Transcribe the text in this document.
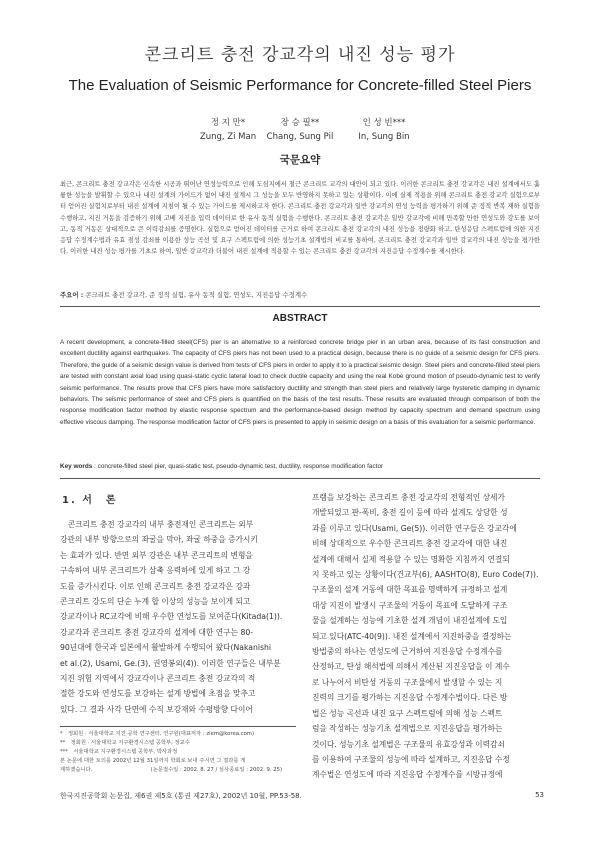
콘크리트 충전 강교각의 내진 성능 평가
The Evaluation of Seismic Performance for Concrete-filled Steel Piers
정 지 만*
Zung, Zi Man
장 승 필**
Chang, Sung Pil
인 성 빈***
In, Sung Bin
국문요약
최근, 콘크리트 충전 강교각은 신속한 시공과 뛰어난 연성능력으로 인해 도심지에서 철근 콘크리트 교각의 대안이 되고 있다. 이러한 콘크리트 충전 강교각은 내진 설계에서도 훌륭한 성능을 발휘할 수 있으나 내진 설계의 가이드가 없어 내진 설계시 그 성능을 모두 반영하지 못하고 있는 상황이다. 이에 실제 적용을 위해 콘크리트 충전 강교각 실험으로부터 얻어진 실험치로부터 내진 설계에 지침이 될 수 있는 가이드를 제시하고자 한다. 콘크리트 충전 강교각과 일반 강교각의 연성 능력을 평가하기 위해 준 정적 반복 재하 실험을 수행하고, 지진 거동을 검증하기 위해 고베 지진을 입력 데이터로 한 유사 동적 실험을 수행한다. 콘크리트 충전 강교각은 일반 강교각에 비해 만족할 만한 연성도와 강도를 보이고, 동적 거동은 상대적으로 큰 이력감쇠를 증명한다. 실험으로 얻어진 데이터를 근거로 하여 콘크리트 충전 강교각의 내진 성능을 정량화 하고, 탄성응답 스펙트럼에 의한 지진응답 수정계수법과 유효 점성 감쇠를 이용한 성능 곡선 및 요구 스펙트럼에 의한 성능기초 설계법의 비교를 통하여, 콘크리트 충전 강교각과 일반 강교각의 내진 성능을 평가한다. 이러한 내진 성능 평가를 기초로 하여, 일반 강교각과 더불어 내진 설계에 적용할 수 있는 콘크리트 충전 강교각의 지진응답 수정계수를 제시한다.
주요어 : 콘크리트 충전 강교각, 준 정적 실험, 유사 동적 실험, 연성도, 지진응답 수정계수
ABSTRACT
A recent development, a concrete-filled steel(CFS) pier is an alternative to a reinforced concrete bridge pier in an urban area, because of its fast construction and excellent ductility against earthquakes. The capacity of CFS piers has not been used to a practical design, because there is no guide of a seismic design for CFS piers. Therefore, the guide of a seismic design value is derived from tests of CFS piers in order to apply it to a practical seismic design. Steel piers and concrete-filled steel piers are tested with constant axial load using quasi-static cyclic lateral load to check ductile capacity and using the real Kobe ground motion of pseudo-dynamic test to verify seismic performance. The results prove that CFS piers have more satisfactory ductility and strength than steel piers and relatively large hysteretic damping in dynamic behaviors. The seismic performance of steel and CFS piers is quantified on the basis of the test results. These results are evaluated through comparison of both the response modification factor method by elastic response spectrum and the performance-based design method by capacity spectrum and demand spectrum using effective viscous damping. The response modification factor of CFS piers is presented to apply in seismic design on a basis of this evaluation for a seismic performance.
Key words : concrete-filled steel pier, quasi-static test, pseudo-dynamic test, ductility, response modification factor
1. 서　론
　콘크리트 충전 강교각의 내부 충전재인 콘크리트는 외부
강관의 내부 방향으로의 좌굴을 막아, 좌굴 하중을 증가시키
는 효과가 있다. 반면 외부 강관은 내부 콘크리트의 변형을
구속하여 내부 콘크리트가 삼축 응력하에 있게 하고 그 강
도를 증가시킨다. 이로 인해 콘크리트 충전 강교각은 강과
콘크리트 강도의 단순 누계 합 이상의 성능을 보이게 되고
강교각이나 RC교각에 비해 우수한 연성도를 보여준다(Kitada(1)).
강교각과 콘크리트 충전 강교각의 설계에 대한 연구는 80-
90년대에 한국과 일본에서 활발하게 수행되어 왔다(Nakanishi
et al.(2), Usami, Ge.(3), 권영봉외(4)). 이러한 연구들은 내부분
지진 위험 지역에서 강교각이나 콘크리트 충전 강교각의 적
절한 강도와 연성도를 보강하는 설계 방법에 초점을 맞추고
있다. 그 결과 사각 단면에 수직 보강재와 수평방향 다이어
프램을 보강하는 콘크리트 충전 강교각의 전형적인 상세가
개발되었고 판-폭비, 충전 길이 등에 따라 설계도 상당한 성
과를 이루고 있다(Usami, Ge(5)). 이러한 연구들은 강교각에
비해 상대적으로 우수한 콘크리트 충전 강교각에 대한 내진
설계에 대해서 실제 적용할 수 있는 명확한 지침까지 연결되
지 못하고 있는 상황이다(건교부(6), AASHTO(8), Euro Code(7)).
구조물의 설계 거동에 대한 목표를 명백하게 규정하고 설계
대상 지진이 발생시 구조물의 거동이 목표에 도달하게 구조
물을 설계하는 성능에 기초한 설계 개념이 내진설계에 도입
되고 있다(ATC-40(9)). 내진 설계에서 지진하중을 결정하는
방법중의 하나는 연성도에 근거하여 지진응답 수정계수를
산정하고, 탄성 해석법에 의해서 계산된 지진응답을 이 계수
로 나누어서 비탄성 거동의 구조물에서 발생할 수 있는 지
진력의 크기를 평가하는 지진응답 수정계수법이다. 다른 방
법은 성능 곡선과 내진 요구 스펙트럼에 의해 성능 스펙트
럼을 작성하는 성능기초 설계법으로 지진응답을 평가하는
것이다. 성능기초 설계법은 구조물의 유효강성과 이력감쇠
를 이용하여 구조물의 성능에 따라 설계하고, 지진응답 수정
계수법은 연성도에 따라 지진응답 수정계수를 시방규정에
*　정회원 · 서울대학교 지진 공학 연구센터, 연구원(대표저자 : ziem@korea.com)
**　정회원 · 서울대학교 지구환경시스템 공학부, 정교수
***　서울대학교 지구환경시스템 공학부, 박사과정
본 논문에 대한 토의를 2002년 12월 31일까지 학회로 보내 주시면 그 결과를 게
재하겠습니다.　　　　　　　　　　　(논문접수일 : 2002. 8. 27 / 심사종료일 : 2002. 9. 25)
한국지진공학회 논문집, 제6권 제5호 (통권 제27호), 2002년 10월, PP.53-58.	53
